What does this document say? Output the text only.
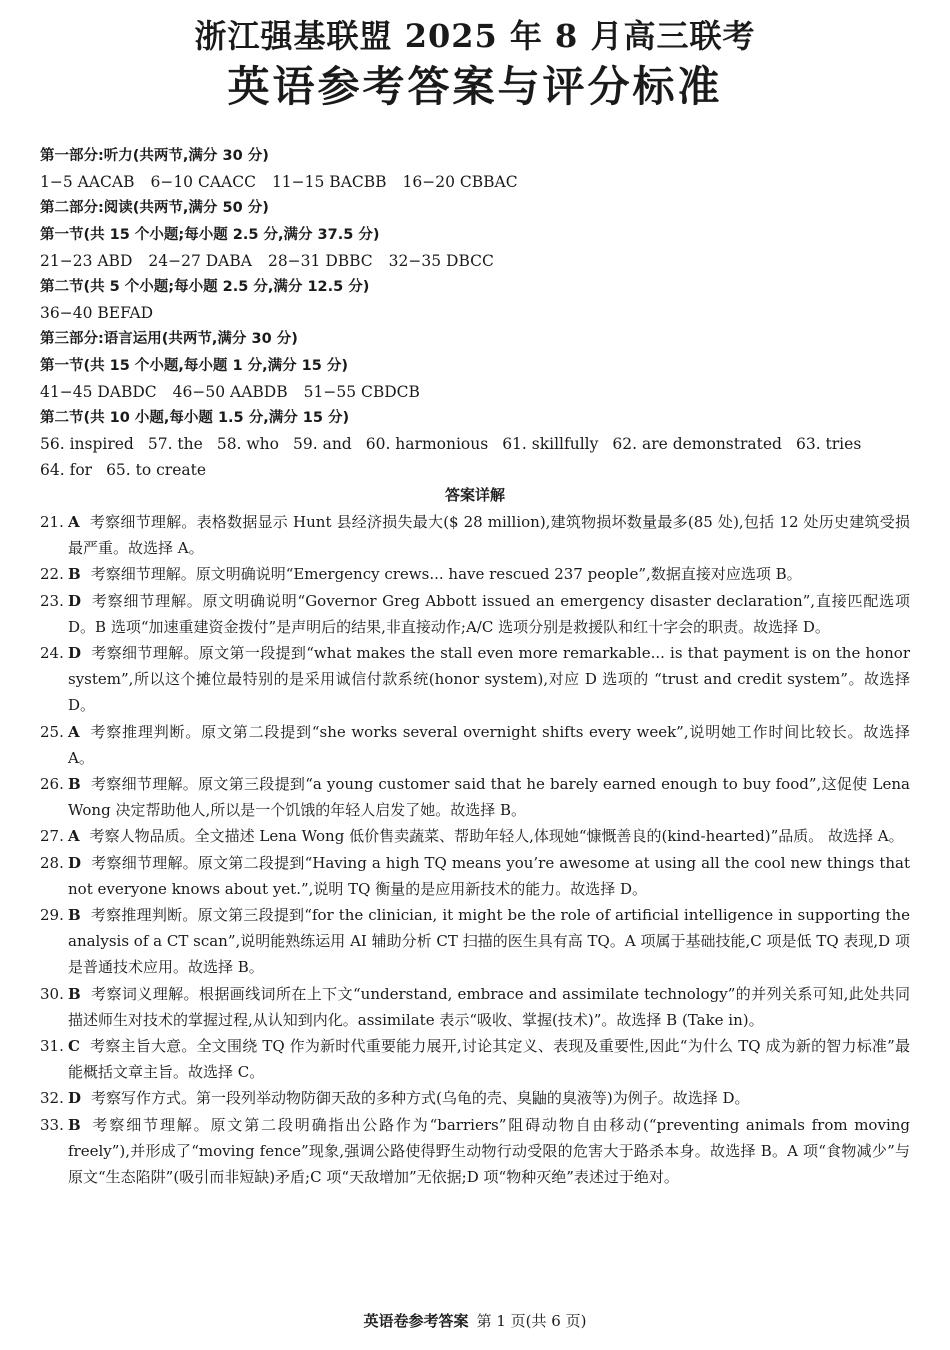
浙江强基联盟 2025 年 8 月高三联考
英语参考答案与评分标准
第一部分:听力(共两节,满分 30 分)
1−5 AACAB 6−10 CAACC 11−15 BACBB 16−20 CBBAC
第二部分:阅读(共两节,满分 50 分)
第一节(共 15 个小题;每小题 2.5 分,满分 37.5 分)
21−23 ABD 24−27 DABA 28−31 DBBC 32−35 DBCC
第二节(共 5 个小题;每小题 2.5 分,满分 12.5 分)
36−40 BEFAD
第三部分:语言运用(共两节,满分 30 分)
第一节(共 15 个小题,每小题 1 分,满分 15 分)
41−45 DABDC 46−50 AABDB 51−55 CBDCB
第二节(共 10 小题,每小题 1.5 分,满分 15 分)
56. inspired 57. the 58. who 59. and 60. harmonious 61. skillfully 62. are demonstrated 63. tries
64. for 65. to create
答案详解
21. A 考察细节理解。表格数据显示 Hunt 县经济损失最大($ 28 million),建筑物损坏数量最多(85 处),包括 12 处历史建筑受损最严重。故选择 A。
22. B 考察细节理解。原文明确说明“Emergency crews... have rescued 237 people”,数据直接对应选项 B。
23. D 考察细节理解。原文明确说明“Governor Greg Abbott issued an emergency disaster declaration”,直接匹配选项 D。B 选项“加速重建资金拨付”是声明后的结果,非直接动作;A/C 选项分别是救援队和红十字会的职责。故选择 D。
24. D 考察细节理解。原文第一段提到“what makes the stall even more remarkable... is that payment is on the honor system”,所以这个摊位最特别的是采用诚信付款系统(honor system),对应 D 选项的 “trust and credit system”。故选择 D。
25. A 考察推理判断。原文第二段提到“she works several overnight shifts every week”,说明她工作时间比较长。故选择 A。
26. B 考察细节理解。原文第三段提到“a young customer said that he barely earned enough to buy food”,这促使 Lena Wong 决定帮助他人,所以是一个饥饿的年轻人启发了她。故选择 B。
27. A 考察人物品质。全文描述 Lena Wong 低价售卖蔬菜、帮助年轻人,体现她“慷慨善良的(kind-hearted)”品质。 故选择 A。
28. D 考察细节理解。原文第二段提到“Having a high TQ means you’re awesome at using all the cool new things that not everyone knows about yet.”,说明 TQ 衡量的是应用新技术的能力。故选择 D。
29. B 考察推理判断。原文第三段提到“for the clinician, it might be the role of artificial intelligence in supporting the analysis of a CT scan”,说明能熟练运用 AI 辅助分析 CT 扫描的医生具有高 TQ。A 项属于基础技能,C 项是低 TQ 表现,D 项是普通技术应用。故选择 B。
30. B 考察词义理解。根据画线词所在上下文“understand, embrace and assimilate technology”的并列关系可知,此处共同描述师生对技术的掌握过程,从认知到内化。assimilate 表示“吸收、掌握(技术)”。故选择 B (Take in)。
31. C 考察主旨大意。全文围绕 TQ 作为新时代重要能力展开,讨论其定义、表现及重要性,因此“为什么 TQ 成为新的智力标准”最能概括文章主旨。故选择 C。
32. D 考察写作方式。第一段列举动物防御天敌的多种方式(乌龟的壳、臭鼬的臭液等)为例子。故选择 D。
33. B 考察细节理解。原文第二段明确指出公路作为“barriers”阻碍动物自由移动(“preventing animals from moving freely”),并形成了“moving fence”现象,强调公路使得野生动物行动受限的危害大于路杀本身。故选择 B。A 项“食物减少”与原文“生态陷阱”(吸引而非短缺)矛盾;C 项“天敌增加”无依据;D 项“物种灭绝”表述过于绝对。
英语卷参考答案 第 1 页(共 6 页)
